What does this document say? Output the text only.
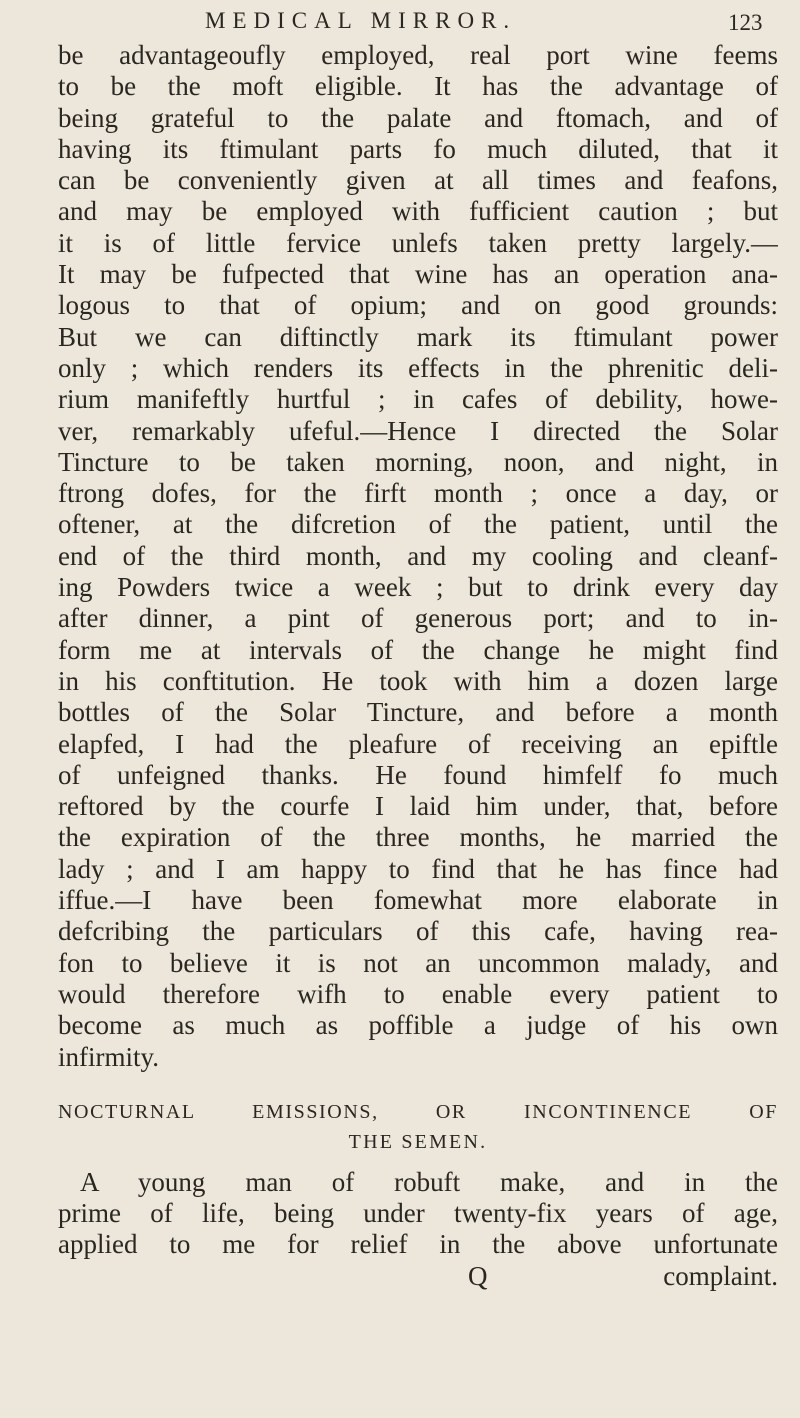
MEDICAL MIRROR.	123
be advantageoufly employed, real port wine feems
to be the moft eligible. It has the advantage of
being grateful to the palate and ftomach, and of
having its ftimulant parts fo much diluted, that it
can be conveniently given at all times and feafons,
and may be employed with fufficient caution ; but
it is of little fervice unlefs taken pretty largely.—
It may be fufpected that wine has an operation ana-
logous to that of opium; and on good grounds:
But we can diftinctly mark its ftimulant power
only ; which renders its effects in the phrenitic deli-
rium manifeftly hurtful ; in cafes of debility, howe-
ver, remarkably ufeful.—Hence I directed the Solar
Tincture to be taken morning, noon, and night, in
ftrong dofes, for the firft month ; once a day, or
oftener, at the difcretion of the patient, until the
end of the third month, and my cooling and cleanf-
ing Powders twice a week ; but to drink every day
after dinner, a pint of generous port; and to in-
form me at intervals of the change he might find
in his conftitution. He took with him a dozen large
bottles of the Solar Tincture, and before a month
elapfed, I had the pleafure of receiving an epiftle
of unfeigned thanks. He found himfelf fo much
reftored by the courfe I laid him under, that, before
the expiration of the three months, he married the
lady ; and I am happy to find that he has fince had
iffue.—I have been fomewhat more elaborate in
defcribing the particulars of this cafe, having rea-
fon to believe it is not an uncommon malady, and
would therefore wifh to enable every patient to
become as much as poffible a judge of his own
infirmity.
NOCTURNAL EMISSIONS, OR INCONTINENCE OF
THE SEMEN.
A young man of robuft make, and in the
prime of life, being under twenty-fix years of age,
applied to me for relief in the above unfortunate
Q	complaint.
